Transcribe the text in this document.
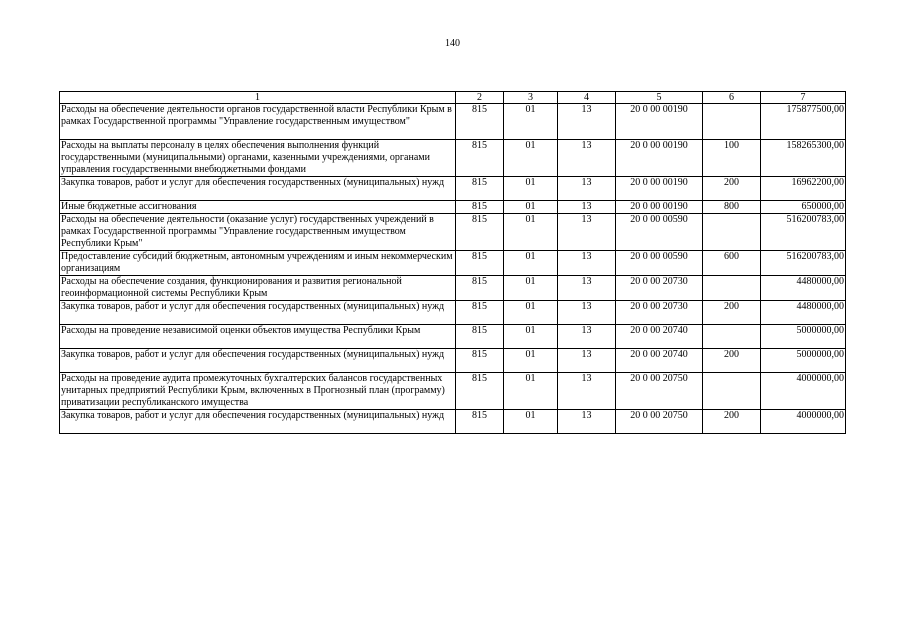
140
1	2	3	4	5	6	7
Расходы на обеспечение деятельности органов государственной власти Республики Крым в рамках Государственной программы "Управление государственным имуществом"	815	01	13	20 0 00 00190		175877500,00
Расходы на выплаты персоналу в целях обеспечения выполнения функций государственными (муниципальными) органами, казенными учреждениями, органами управления государственными внебюджетными фондами	815	01	13	20 0 00 00190	100	158265300,00
Закупка товаров, работ и услуг для обеспечения государственных (муниципальных) нужд	815	01	13	20 0 00 00190	200	16962200,00
Иные бюджетные ассигнования	815	01	13	20 0 00 00190	800	650000,00
Расходы на обеспечение деятельности (оказание услуг) государственных учреждений в рамках Государственной программы "Управление государственным имуществом Республики Крым"	815	01	13	20 0 00 00590		516200783,00
Предоставление субсидий бюджетным, автономным учреждениям и иным некоммерческим организациям	815	01	13	20 0 00 00590	600	516200783,00
Расходы на обеспечение создания, функционирования и развития региональной геоинформационной системы Республики Крым	815	01	13	20 0 00 20730		4480000,00
Закупка товаров, работ и услуг для обеспечения государственных (муниципальных) нужд	815	01	13	20 0 00 20730	200	4480000,00
Расходы на проведение независимой оценки объектов имущества Республики Крым	815	01	13	20 0 00 20740		5000000,00
Закупка товаров, работ и услуг для обеспечения государственных (муниципальных) нужд	815	01	13	20 0 00 20740	200	5000000,00
Расходы на проведение аудита промежуточных бухгалтерских балансов государственных унитарных предприятий Республики Крым, включенных в Прогнозный план (программу) приватизации республиканского имущества	815	01	13	20 0 00 20750		4000000,00
Закупка товаров, работ и услуг для обеспечения государственных (муниципальных) нужд	815	01	13	20 0 00 20750	200	4000000,00
